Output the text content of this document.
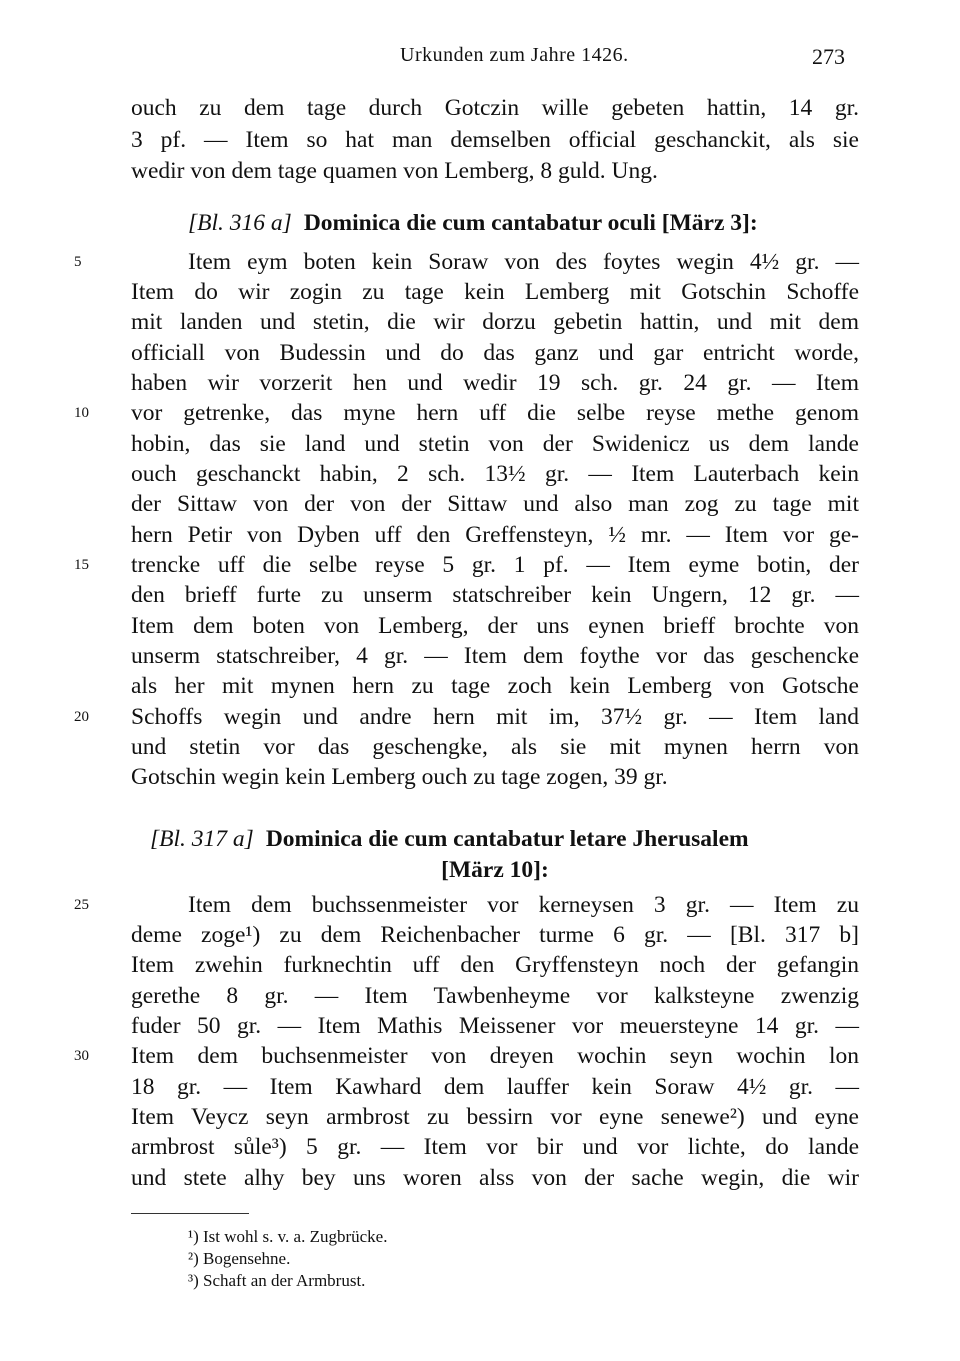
Urkunden zum Jahre 1426.	273
ouch zu dem tage durch Gotczin wille gebeten hattin, 14 gr.
3 pf. — Item so hat man demselben official geschanckit, als sie
wedir von dem tage quamen von Lemberg, 8 guld. Ung.
[Bl. 316 a] Dominica die cum cantabatur oculi [März 3]:
Item eym boten kein Soraw von des foytes wegin 4½ gr. —
Item do wir zogin zu tage kein Lemberg mit Gotschin Schoffe
mit landen und stetin, die wir dorzu gebetin hattin, und mit dem
officiall von Budessin und do das ganz und gar entricht worde,
haben wir vorzerit hen und wedir 19 sch. gr. 24 gr. — Item
vor getrenke, das myne hern uff die selbe reyse methe genom
hobin, das sie land und stetin von der Swidenicz us dem lande
ouch geschanckt habin, 2 sch. 13½ gr. — Item Lauterbach kein
der Sittaw von der von der Sittaw und also man zog zu tage mit
hern Petir von Dyben uff den Greffensteyn, ½ mr. — Item vor ge-
trencke uff die selbe reyse 5 gr. 1 pf. — Item eyme botin, der
den brieff furte zu unserm statschreiber kein Ungern, 12 gr. —
Item dem boten von Lemberg, der uns eynen brieff brochte von
unserm statschreiber, 4 gr. — Item dem foythe vor das geschencke
als her mit mynen hern zu tage zoch kein Lemberg von Gotsche
Schoffs wegin und andre hern mit im, 37½ gr. — Item land
und stetin vor das geschengke, als sie mit mynen herrn von
Gotschin wegin kein Lemberg ouch zu tage zogen, 39 gr.
[Bl. 317 a] Dominica die cum cantabatur letare Jherusalem
[März 10]:
Item dem buchssenmeister vor kerneysen 3 gr. — Item zu
deme zoge¹) zu dem Reichenbacher turme 6 gr. — [Bl. 317 b]
Item zwehin furknechtin uff den Gryffensteyn noch der gefangin
gerethe 8 gr. — Item Tawbenheyme vor kalksteyne zwenzig
fuder 50 gr. — Item Mathis Meissener vor meuersteyne 14 gr. —
Item dem buchsenmeister von dreyen wochin seyn wochin lon
18 gr. — Item Kawhard dem lauffer kein Soraw 4½ gr. —
Item Veycz seyn armbrost zu bessirn vor eyne senewe²) und eyne
armbrost sůle³) 5 gr. — Item vor bir und vor lichte, do lande
und stete alhy bey uns woren alss von der sache wegin, die wir
5
10
15
20
25
30
¹) Ist wohl s. v. a. Zugbrücke.
²) Bogensehne.
³) Schaft an der Armbrust.
